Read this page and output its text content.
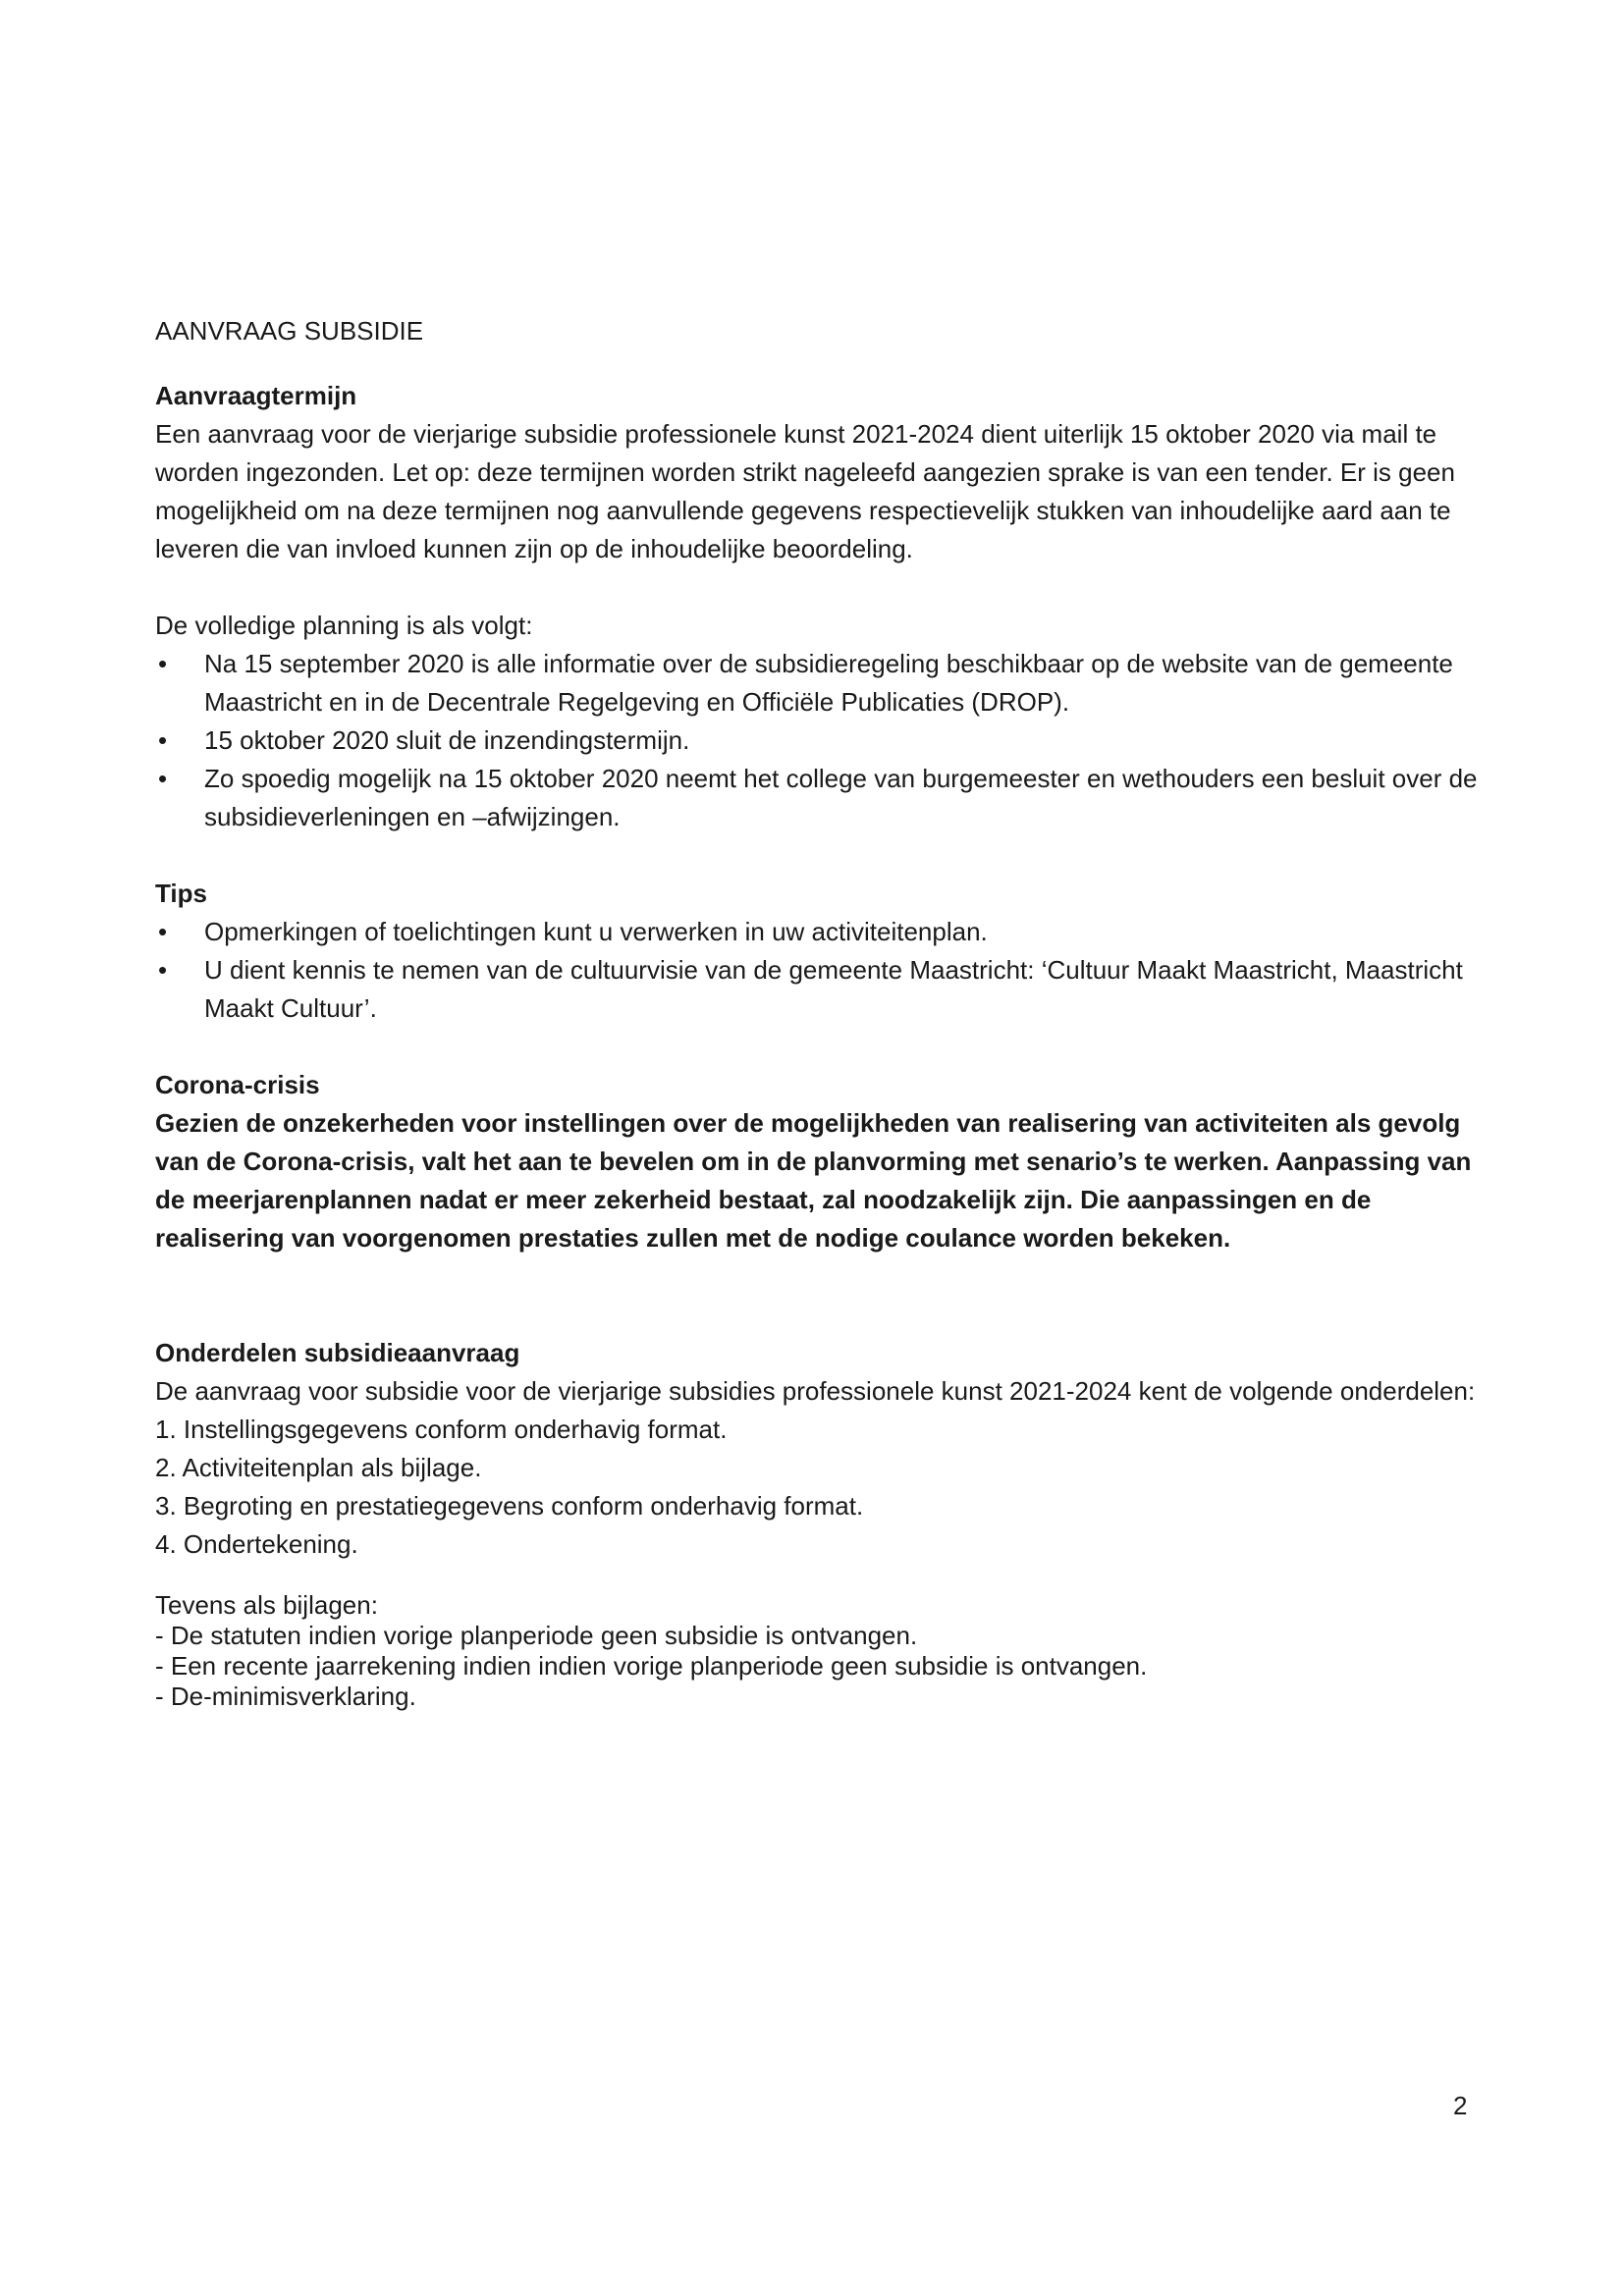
AANVRAAG SUBSIDIE
Aanvraagtermijn

Een aanvraag voor de vierjarige subsidie professionele kunst 2021-2024 dient uiterlijk 15 oktober 2020 via mail te worden ingezonden. Let op: deze termijnen worden strikt nageleefd aangezien sprake is van een tender. Er is geen mogelijkheid om na deze termijnen nog aanvullende gegevens respectievelijk stukken van inhoudelijke aard aan te leveren die van invloed kunnen zijn op de inhoudelijke beoordeling.

De volledige planning is als volgt:

• Na 15 september 2020 is alle informatie over de subsidieregeling beschikbaar op de website van de gemeente Maastricht en in de Decentrale Regelgeving en Officiële Publicaties (DROP).
• 15 oktober 2020 sluit de inzendingstermijn.
• Zo spoedig mogelijk na 15 oktober 2020 neemt het college van burgemeester en wethouders een besluit over de subsidieverleningen en –afwijzingen.
Tips
• Opmerkingen of toelichtingen kunt u verwerken in uw activiteitenplan.
• U dient kennis te nemen van de cultuurvisie van de gemeente Maastricht: ‘Cultuur Maakt Maastricht, Maastricht Maakt Cultuur’.
Corona-crisis

Gezien de onzekerheden voor instellingen over de mogelijkheden van realisering van activiteiten als gevolg van de Corona-crisis, valt het aan te bevelen om in de planvorming met senario’s te werken. Aanpassing van de meerjarenplannen nadat er meer zekerheid bestaat, zal noodzakelijk zijn. Die aanpassingen en de realisering van voorgenomen prestaties zullen met de nodige coulance worden bekeken.

Onderdelen subsidieaanvraag

De aanvraag voor subsidie voor de vierjarige subsidies professionele kunst 2021-2024 kent de volgende onderdelen:

1. Instellingsgegevens conform onderhavig format.
2. Activiteitenplan als bijlage.
3. Begroting en prestatiegegevens conform onderhavig format.
4. Ondertekening.

Tevens als bijlagen:

- De statuten indien vorige planperiode geen subsidie is ontvangen.
- Een recente jaarrekening indien indien vorige planperiode geen subsidie is ontvangen.
- De-minimisverklaring.
2
